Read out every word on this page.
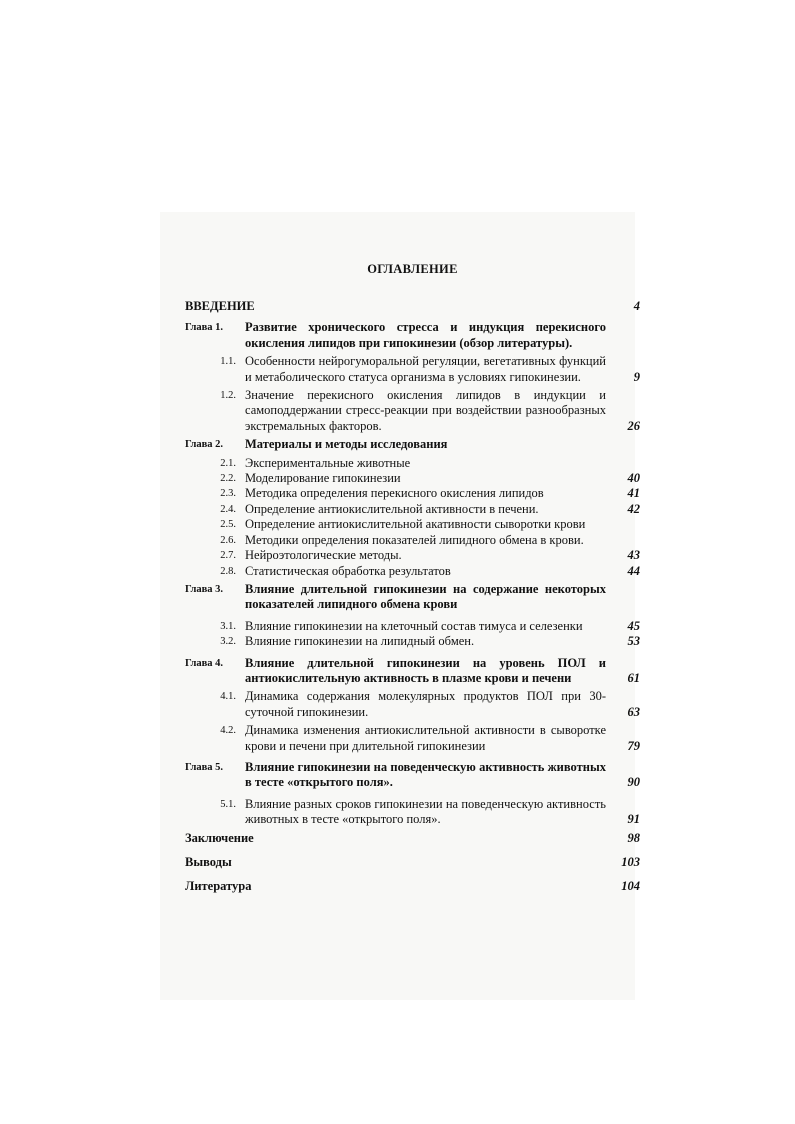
ОГЛАВЛЕНИЕ
ВВЕДЕНИЕ	4
Глава 1.	Развитие хронического стресса и индукция перекисного окисления липидов при гипокинезии (обзор литературы).
1.1. Особенности нейрогуморальной регуляции, вегетативных функций и метаболического статуса организма в условиях гипокинезии.	9
1.2. Значение перекисного окисления липидов в индукции и самоподдержании стресс-реакции при воздействии разнообразных экстремальных факторов.	26
Глава 2.	Материалы и методы исследования
2.1. Экспериментальные животные
2.2. Моделирование гипокинезии	40
2.3. Методика определения перекисного окисления липидов	41
2.4. Определение антиокислительной активности в печени.	42
2.5. Определение антиокислительной акативности сыворотки крови
2.6. Методики определения показателей липидного обмена в крови.
2.7. Нейроэтологические методы.	43
2.8. Статистическая обработка результатов	44
Глава 3.	Влияние длительной гипокинезии на содержание некоторых показателей липидного обмена крови
3.1. Влияние гипокинезии на клеточный состав тимуса и селезенки	45
3.2. Влияние гипокинезии на липидный обмен.	53
Глава 4.	Влияние длительной гипокинезии на уровень ПОЛ и антиокислительную активность в плазме крови и печени	61
4.1. Динамика содержания молекулярных продуктов ПОЛ при 30-суточной гипокинезии.	63
4.2. Динамика изменения антиокислительной активности в сыворотке крови и печени при длительной гипокинезии	79
Глава 5.	Влияние гипокинезии на поведенческую активность животных в тесте «открытого поля».	90
5.1. Влияние разных сроков гипокинезии на поведенческую активность животных в тесте «открытого поля».	91
Заключение	98
Выводы	103
Литература	104
